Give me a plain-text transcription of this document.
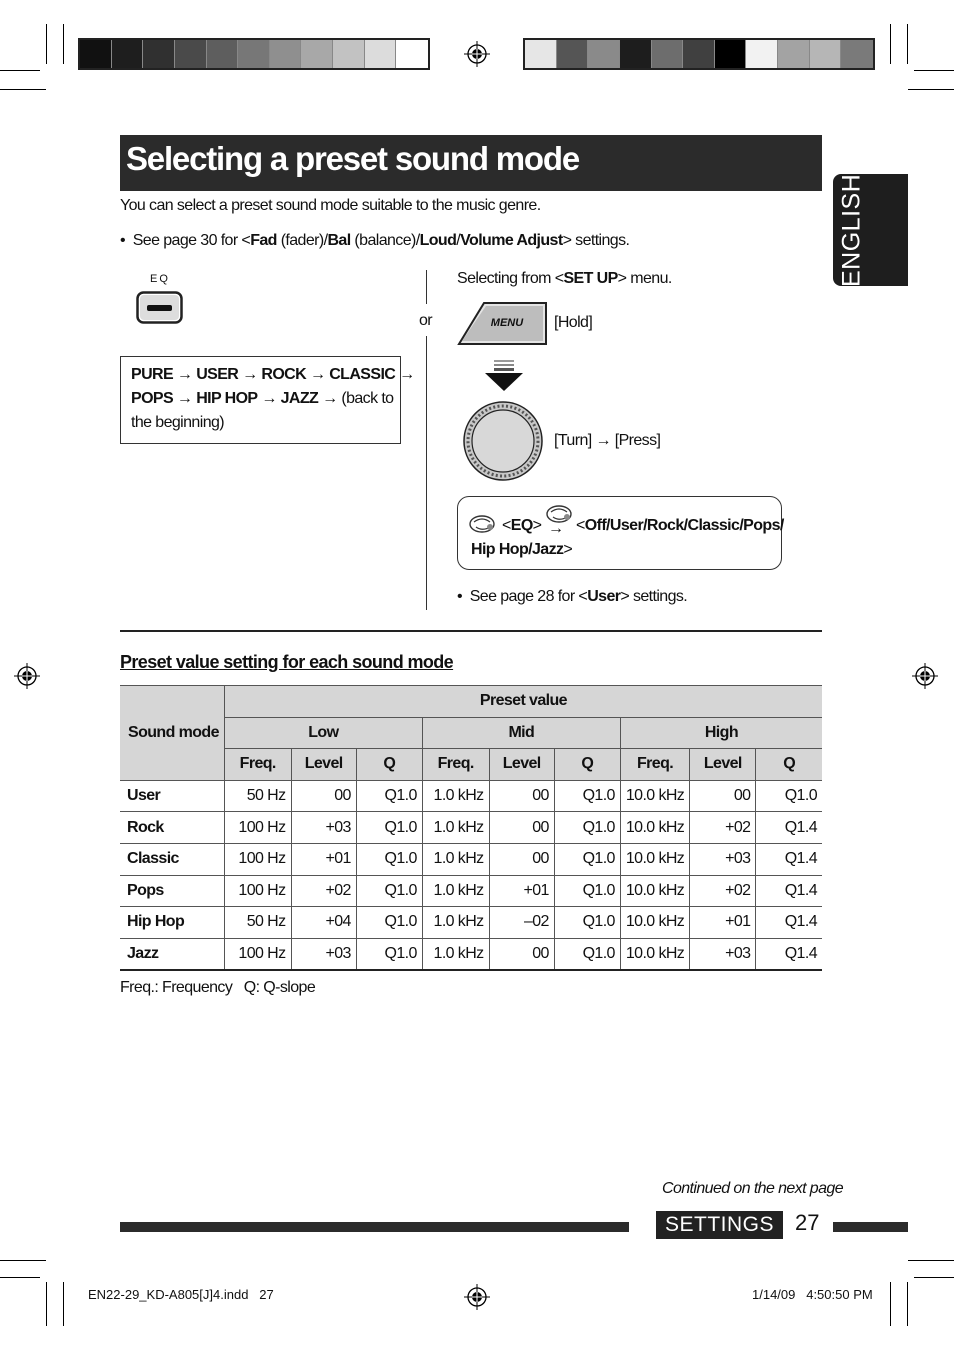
Selecting a preset sound mode
ENGLISH
You can select a preset sound mode suitable to the music genre.
• See page 30 for <Fad (fader)/Bal (balance)/Loud/Volume Adjust> settings.
EQ
PURE → USER → ROCK → CLASSIC →
POPS → HIP HOP → JAZZ → (back to
the beginning)
or
Selecting from <SET UP> menu.
MENU [Hold]
[Turn] → [Press]
<EQ> → <Off/User/Rock/Classic/Pops/
Hip Hop/Jazz>
• See page 28 for <User> settings.
Preset value setting for each sound mode
Sound mode	Preset value								
	Low			Mid			High		
	Freq.	Level	Q	Freq.	Level	Q	Freq.	Level	Q
User	50 Hz	00	Q1.0	1.0 kHz	00	Q1.0	10.0 kHz	00	Q1.0
Rock	100 Hz	+03	Q1.0	1.0 kHz	00	Q1.0	10.0 kHz	+02	Q1.4
Classic	100 Hz	+01	Q1.0	1.0 kHz	00	Q1.0	10.0 kHz	+03	Q1.4
Pops	100 Hz	+02	Q1.0	1.0 kHz	+01	Q1.0	10.0 kHz	+02	Q1.4
Hip Hop	50 Hz	+04	Q1.0	1.0 kHz	–02	Q1.0	10.0 kHz	+01	Q1.4
Jazz	100 Hz	+03	Q1.0	1.0 kHz	00	Q1.0	10.0 kHz	+03	Q1.4
Freq.: Frequency   Q: Q-slope
Continued on the next page
SETTINGS 27
EN22-29_KD-A805[J]4.indd   27	1/14/09   4:50:50 PM
